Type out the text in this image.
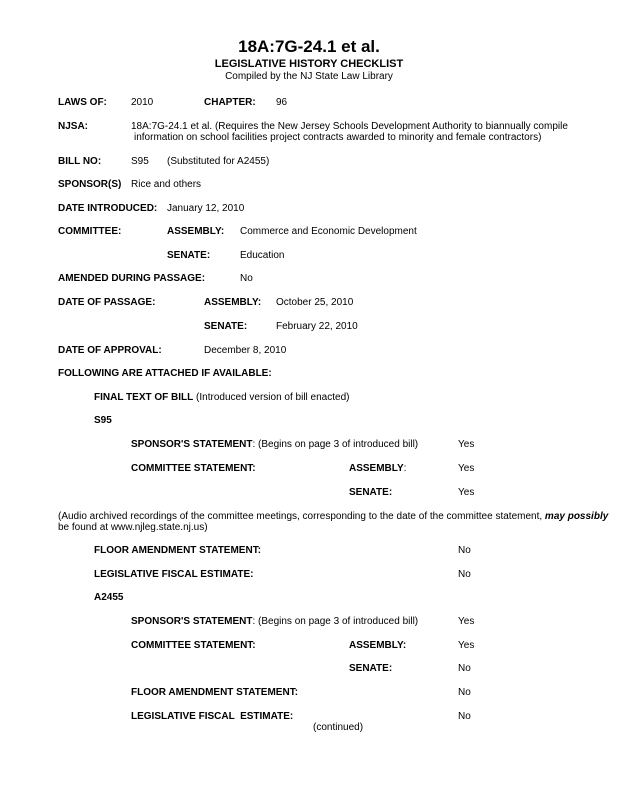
18A:7G-24.1 et al.
LEGISLATIVE HISTORY CHECKLIST
Compiled by the NJ State Law Library
LAWS OF: 2010	CHAPTER: 96
NJSA:	18A:7G-24.1 et al. (Requires the New Jersey Schools Development Authority to biannually compile
information on school facilities project contracts awarded to minority and female contractors)
BILL NO:	S95 (Substituted for A2455)
SPONSOR(S) Rice and others
DATE INTRODUCED: January 12, 2010
COMMITTEE:	ASSEMBLY: Commerce and Economic Development
SENATE:	Education
AMENDED DURING PASSAGE:	No
DATE OF PASSAGE:	ASSEMBLY: October 25, 2010
SENATE:	February 22, 2010
DATE OF APPROVAL:	December 8, 2010
FOLLOWING ARE ATTACHED IF AVAILABLE:
FINAL TEXT OF BILL (Introduced version of bill enacted)
S95
SPONSOR'S STATEMENT: (Begins on page 3 of introduced bill)	Yes
COMMITTEE STATEMENT:	ASSEMBLY:	Yes
SENATE:	Yes
(Audio archived recordings of the committee meetings, corresponding to the date of the committee statement, may possibly
be found at www.njleg.state.nj.us)
FLOOR AMENDMENT STATEMENT:	No
LEGISLATIVE FISCAL ESTIMATE:	No
A2455
SPONSOR'S STATEMENT: (Begins on page 3 of introduced bill)	Yes
COMMITTEE STATEMENT:	ASSEMBLY:	Yes
SENATE:	No
FLOOR AMENDMENT STATEMENT:	No
LEGISLATIVE FISCAL  ESTIMATE:	No
(continued)
